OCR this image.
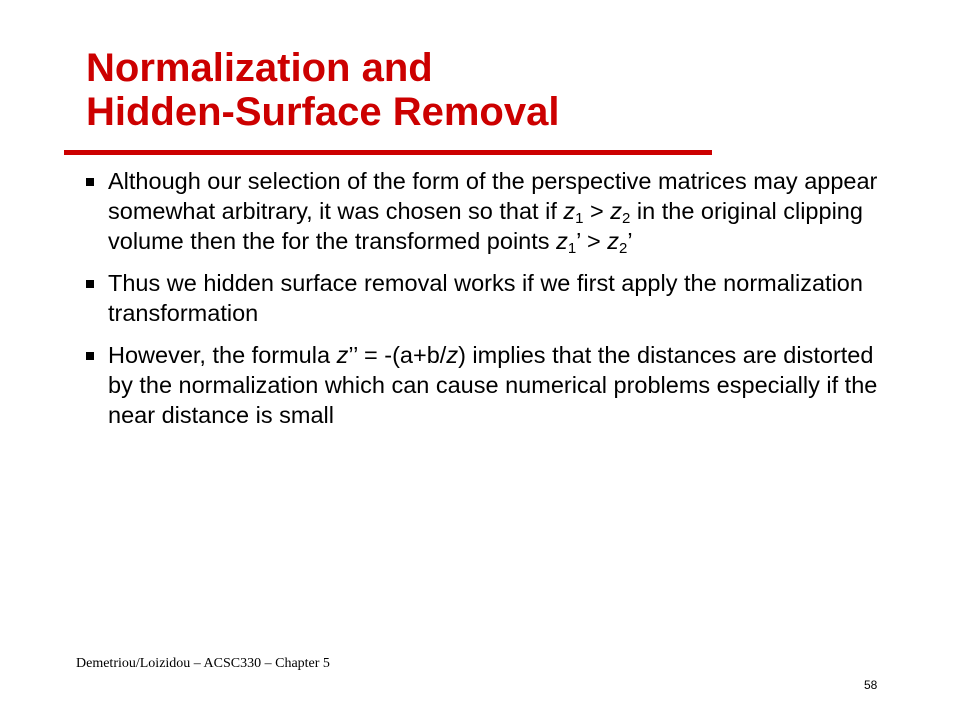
Normalization and
Hidden-Surface Removal
Although our selection of the form of the perspective matrices may appear somewhat arbitrary, it was chosen so that if $z_1 > z_2$ in the original clipping volume then the for the transformed points $z_1$’ > $z_2$’
Thus we hidden surface removal works if we first apply the normalization transformation
However, the formula z’’ = -(a+b/z) implies that the distances are distorted by the normalization which can cause numerical problems especially if the near distance is small
Demetriou/Loizidou – ACSC330 – Chapter 5
58
